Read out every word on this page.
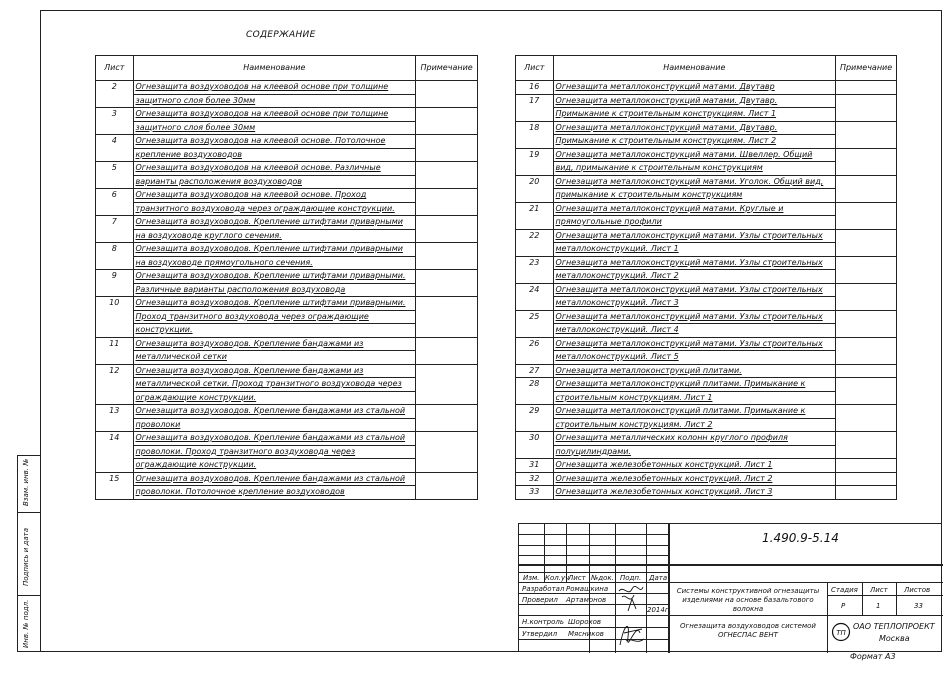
Взам. инв. №
Подпись и дата
Инв. № подл.
СОДЕРЖАНИЕ
Лист	Наименование	Примечание
2	Огнезащита воздуховодов на клеевой основе при толщине	
	защитного слоя более 30мм	
3	Огнезащита воздуховодов на клеевой основе при толщине	
	защитного слоя более 30мм	
4	Огнезащита воздуховодов на клеевой основе. Потолочное	
	крепление воздуховодов	
5	Огнезащита воздуховодов на клеевой основе. Различные	
	варианты расположения воздуховодов	
6	Огнезащита воздуховодов на клеевой основе. Проход	
	транзитного воздуховода через ограждающие конструкции.	
7	Огнезащита воздуховодов. Крепление штифтами приварными	
	на воздуховоде круглого сечения.	
8	Огнезащита воздуховодов. Крепление штифтами приварными	
	на воздуховоде прямоугольного сечения.	
9	Огнезащита воздуховодов. Крепление штифтами приварными.	
	Различные варианты расположения воздуховода	
10	Огнезащита воздуховодов. Крепление штифтами приварными.	
	Проход транзитного воздуховода через ограждающие	
	конструкции.	
11	Огнезащита воздуховодов. Крепление бандажами из	
	металлической сетки	
12	Огнезащита воздуховодов. Крепление бандажами из	
	металлической сетки. Проход транзитного воздуховода через	
	ограждающие конструкции.	
13	Огнезащита воздуховодов. Крепление бандажами из стальной	
	проволоки	
14	Огнезащита воздуховодов. Крепление бандажами из стальной	
	проволоки. Проход транзитного воздуховода через	
	ограждающие конструкции.	
15	Огнезащита воздуховодов. Крепление бандажами из стальной	
	проволоки. Потолочное крепление воздуховодов	
Лист	Наименование	Примечание
16	Огнезащита металлоконструкций матами. Двутавр	
17	Огнезащита металлоконструкций матами. Двутавр.	
	Примыкание к строительным конструкциям. Лист 1	
18	Огнезащита металлоконструкций матами. Двутавр.	
	Примыкание к строительным конструкциям. Лист 2	
19	Огнезащита металлоконструкций матами. Швеллер. Общий	
	вид, примыкание к строительным конструкциям	
20	Огнезащита металлоконструкций матами. Уголок. Общий вид,	
	примыкание к строительным конструкциям	
21	Огнезащита металлоконструкций матами. Круглые и	
	прямоугольные профили	
22	Огнезащита металлоконструкций матами. Узлы строительных	
	металлоконструкций. Лист 1	
23	Огнезащита металлоконструкций матами. Узлы строительных	
	металлоконструкций. Лист 2	
24	Огнезащита металлоконструкций матами. Узлы строительных	
	металлоконструкций. Лист 3	
25	Огнезащита металлоконструкций матами. Узлы строительных	
	металлоконструкций. Лист 4	
26	Огнезащита металлоконструкций матами. Узлы строительных	
	металлоконструкций. Лист 5	
27	Огнезащита металлоконструкций плитами.	
28	Огнезащита металлоконструкций плитами. Примыкание к	
	строительным конструкциям. Лист 1	
29	Огнезащита металлоконструкций плитами. Примыкание к	
	строительным конструкциям. Лист 2	
30	Огнезащита металлических колонн круглого профиля	
	полуцилиндрами.	
31	Огнезащита железобетонных конструкций. Лист 1	
32	Огнезащита железобетонных конструкций. Лист 2	
33	Огнезащита железобетонных конструкций. Лист 3	
1.490.9-5.14
Изм. Кол.уч
Лист №док. Подп. Дата
Разработал Ромашкина
Проверил Артамонов
2014г.
Н.контроль Шорохов
Утвердил Мясников
Системы конструктивной огнезащиты изделиями на основе базальтового волокна
Огнезащита воздуховодов системой ОГНЕСПАС ВЕНТ
Стадия Лист Листов
Р	1	33
ТП
ОАО ТЕПЛОПРОЕКТ
Москва
Формат А3
